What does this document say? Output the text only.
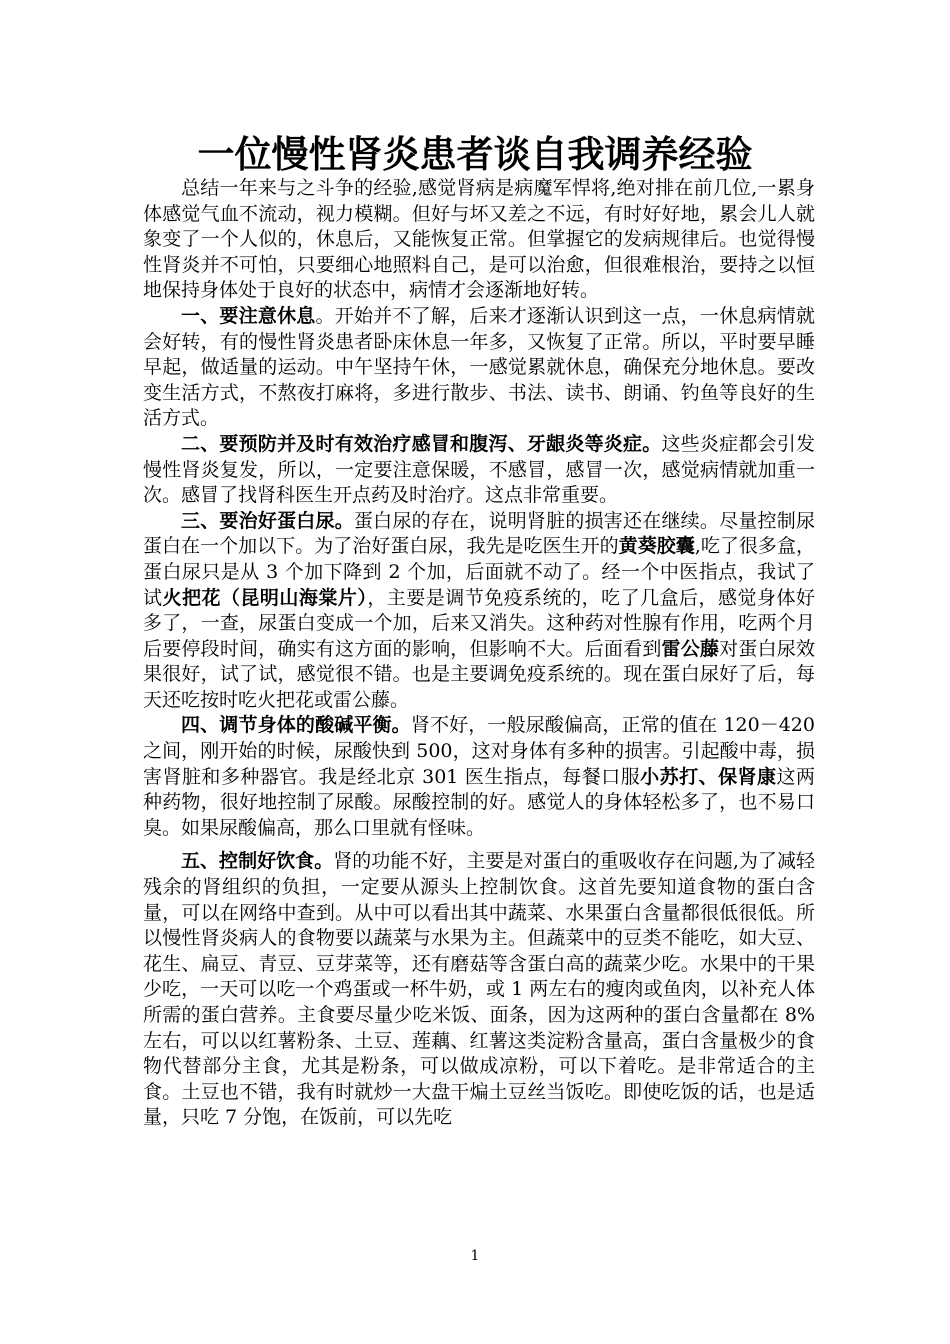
一位慢性肾炎患者谈自我调养经验

总结一年来与之斗争的经验,感觉肾病是病魔军悍将,绝对排在前几位,一累身体感觉气血不流动，视力模糊。但好与坏又差之不远，有时好好地，累会儿人就象变了一个人似的，休息后，又能恢复正常。但掌握它的发病规律后。也觉得慢性肾炎并不可怕，只要细心地照料自己，是可以治愈，但很难根治，要持之以恒地保持身体处于良好的状态中，病情才会逐渐地好转。

一、要注意休息。开始并不了解，后来才逐渐认识到这一点，一休息病情就会好转，有的慢性肾炎患者卧床休息一年多，又恢复了正常。所以，平时要早睡早起，做适量的运动。中午坚持午休，一感觉累就休息，确保充分地休息。要改变生活方式，不熬夜打麻将，多进行散步、书法、读书、朗诵、钓鱼等良好的生活方式。

二、要预防并及时有效治疗感冒和腹泻、牙龈炎等炎症。这些炎症都会引发慢性肾炎复发，所以，一定要注意保暖，不感冒，感冒一次，感觉病情就加重一次。感冒了找肾科医生开点药及时治疗。这点非常重要。

三、要治好蛋白尿。蛋白尿的存在，说明肾脏的损害还在继续。尽量控制尿蛋白在一个加以下。为了治好蛋白尿，我先是吃医生开的黄葵胶囊,吃了很多盒，蛋白尿只是从 3 个加下降到 2 个加，后面就不动了。经一个中医指点，我试了试火把花（昆明山海棠片），主要是调节免疫系统的，吃了几盒后，感觉身体好多了，一查，尿蛋白变成一个加，后来又消失。这种药对性腺有作用，吃两个月后要停段时间，确实有这方面的影响，但影响不大。后面看到雷公藤对蛋白尿效果很好，试了试，感觉很不错。也是主要调免疫系统的。现在蛋白尿好了后，每天还吃按时吃火把花或雷公藤。

四、调节身体的酸碱平衡。肾不好，一般尿酸偏高，正常的值在 120－420 之间，刚开始的时候，尿酸快到 500，这对身体有多种的损害。引起酸中毒，损害肾脏和多种器官。我是经北京 301 医生指点，每餐口服小苏打、保肾康这两种药物，很好地控制了尿酸。尿酸控制的好。感觉人的身体轻松多了，也不易口臭。如果尿酸偏高，那么口里就有怪味。

五、控制好饮食。肾的功能不好，主要是对蛋白的重吸收存在问题,为了减轻残余的肾组织的负担，一定要从源头上控制饮食。这首先要知道食物的蛋白含量，可以在网络中查到。从中可以看出其中蔬菜、水果蛋白含量都很低很低。所以慢性肾炎病人的食物要以蔬菜与水果为主。但蔬菜中的豆类不能吃，如大豆、花生、扁豆、青豆、豆芽菜等，还有磨菇等含蛋白高的蔬菜少吃。水果中的干果少吃，一天可以吃一个鸡蛋或一杯牛奶，或 1 两左右的瘦肉或鱼肉，以补充人体所需的蛋白营养。主食要尽量少吃米饭、面条，因为这两种的蛋白含量都在 8%左右，可以以红薯粉条、土豆、莲藕、红薯这类淀粉含量高，蛋白含量极少的食物代替部分主食，尤其是粉条，可以做成凉粉，可以下着吃。是非常适合的主食。土豆也不错，我有时就炒一大盘干煸土豆丝当饭吃。即使吃饭的话，也是适量，只吃 7 分饱，在饭前，可以先吃

1
